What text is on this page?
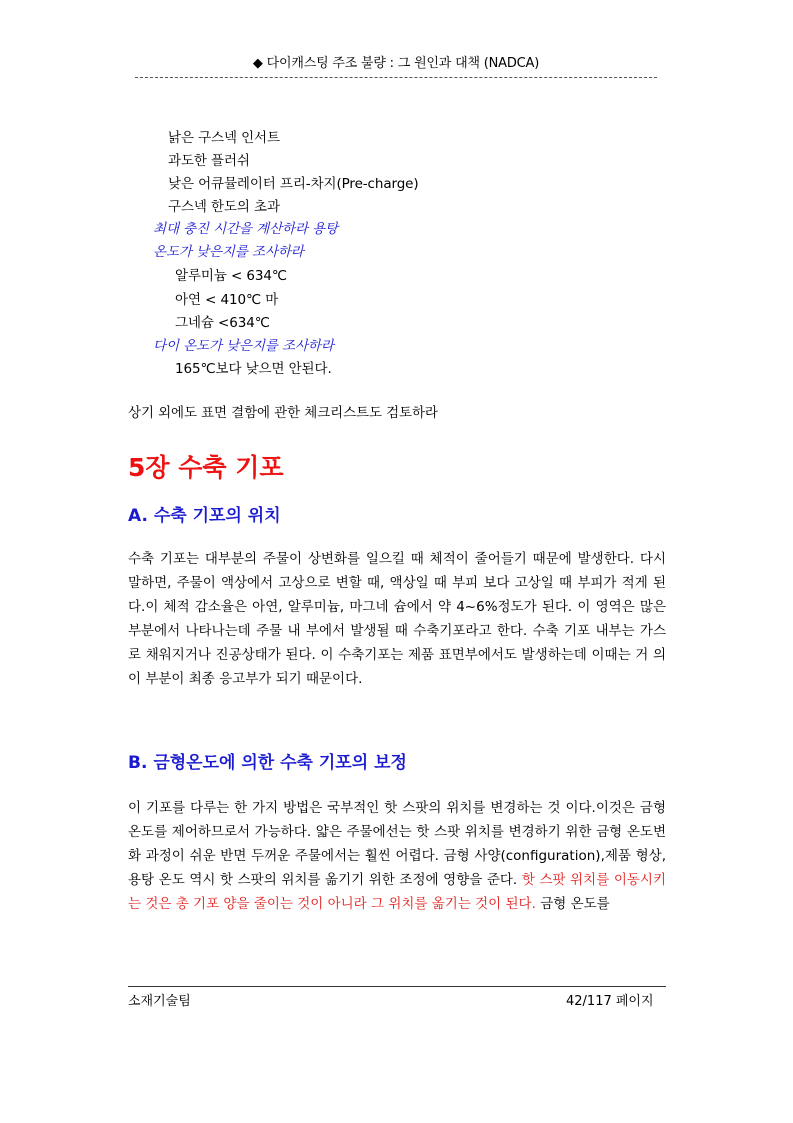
◆ 다이캐스팅 주조 불량 : 그 원인과 대책 (NADCA)
낡은 구스넥 인서트
과도한 플러쉬
낮은 어큐뮬레이터 프리-차지(Pre-charge)
구스넥 한도의 초과
최대 충진 시간을 계산하라 용탕
온도가 낮은지를 조사하라
알루미늄 < 634℃
아연 < 410℃ 마
그네슘 <634℃
다이 온도가 낮은지를 조사하라
165℃보다 낮으면 안된다.
상기 외에도 표면 결함에 관한 체크리스트도 검토하라
5장 수축 기포
A. 수축 기포의 위치
수축 기포는 대부분의 주물이 상변화를 일으킬 때 체적이 줄어들기 때문에 발생한다. 다시 말하면, 주물이 액상에서 고상으로 변할 때, 액상일 때 부피 보다 고상일 때 부피가 적게 된다.이 체적 감소율은 아연, 알루미늄, 마그네 슘에서 약 4~6%정도가 된다. 이 영역은 많은 부분에서 나타나는데 주물 내 부에서 발생될 때 수축기포라고 한다. 수축 기포 내부는 가스로 채워지거나 진공상태가 된다. 이 수축기포는 제품 표면부에서도 발생하는데 이때는 거 의 이 부분이 최종 응고부가 되기 때문이다.
B. 금형온도에 의한 수축 기포의 보정
이 기포를 다루는 한 가지 방법은 국부적인 핫 스팟의 위치를 변경하는 것 이다.이것은 금형 온도를 제어하므로서 가능하다. 얇은 주물에선는 핫 스팟 위치를 변경하기 위한 금형 온도변화 과정이 쉬운 반면 두꺼운 주물에서는 훨씬 어렵다. 금형 사양(configuration),제품 형상, 용탕 온도 역시 핫 스팟의 위치를 옮기기 위한 조정에 영향을 준다. 핫 스팟 위치를 이동시키는 것은 총 기포 양을 줄이는 것이 아니라 그 위치를 옮기는 것이 된다. 금형 온도를
소재기술팀	42/117 페이지
